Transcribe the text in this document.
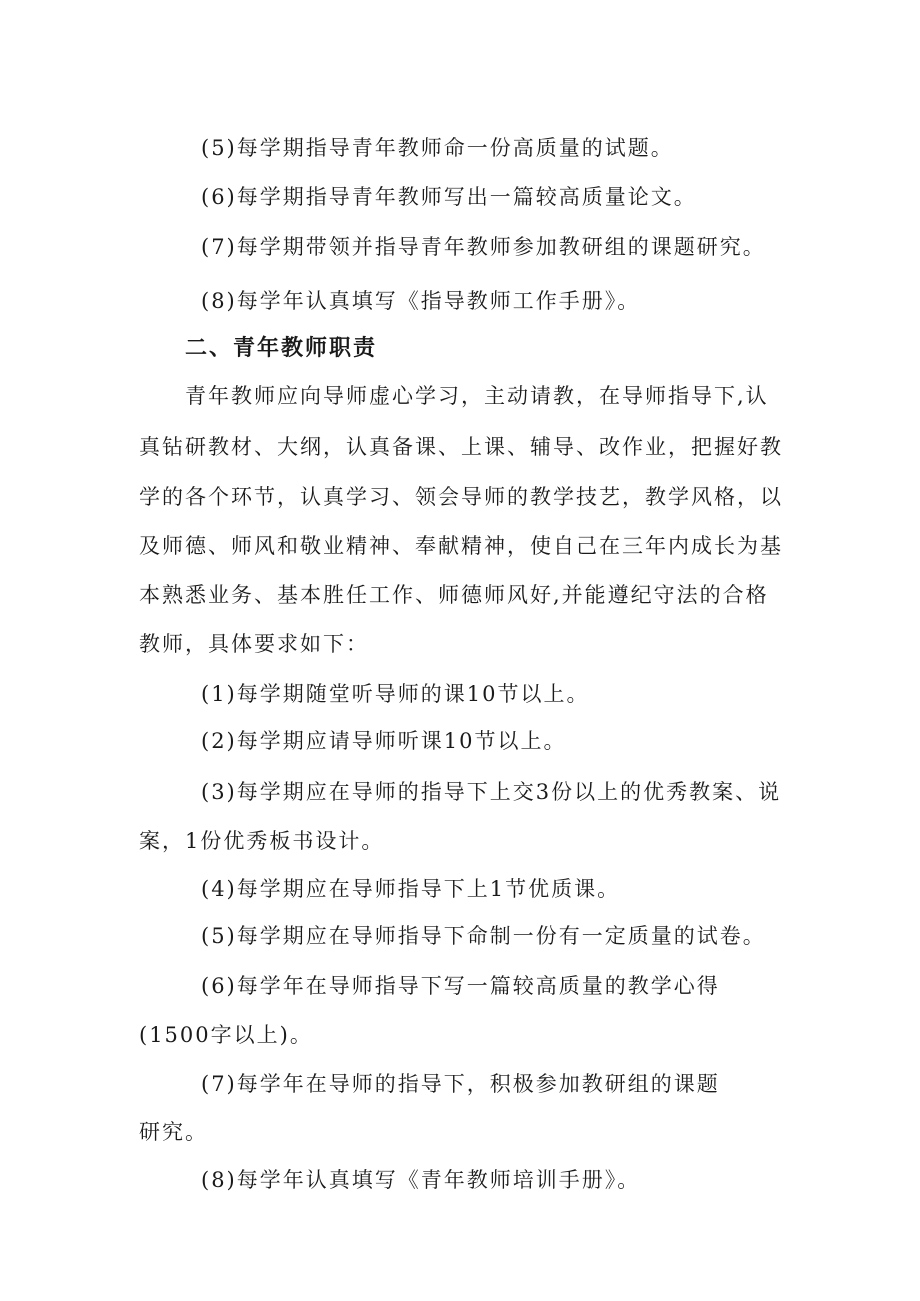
(5)每学期指导青年教师命一份高质量的试题。
(6)每学期指导青年教师写出一篇较高质量论文。
(7)每学期带领并指导青年教师参加教研组的课题研究。
(8)每学年认真填写《指导教师工作手册》。
二、青年教师职责
青年教师应向导师虚心学习，主动请教，在导师指导下,认
真钻研教材、大纲，认真备课、上课、辅导、改作业，把握好教
学的各个环节，认真学习、领会导师的教学技艺，教学风格，以
及师德、师风和敬业精神、奉献精神，使自己在三年内成长为基
本熟悉业务、基本胜任工作、师德师风好,并能遵纪守法的合格
教师，具体要求如下：
(1)每学期随堂听导师的课10节以上。
(2)每学期应请导师听课10节以上。
(3)每学期应在导师的指导下上交3份以上的优秀教案、说
案，1份优秀板书设计。
(4)每学期应在导师指导下上1节优质课。
(5)每学期应在导师指导下命制一份有一定质量的试卷。
(6)每学年在导师指导下写一篇较高质量的教学心得
(1500字以上)。
(7)每学年在导师的指导下，积极参加教研组的课题
研究。
(8)每学年认真填写《青年教师培训手册》。
